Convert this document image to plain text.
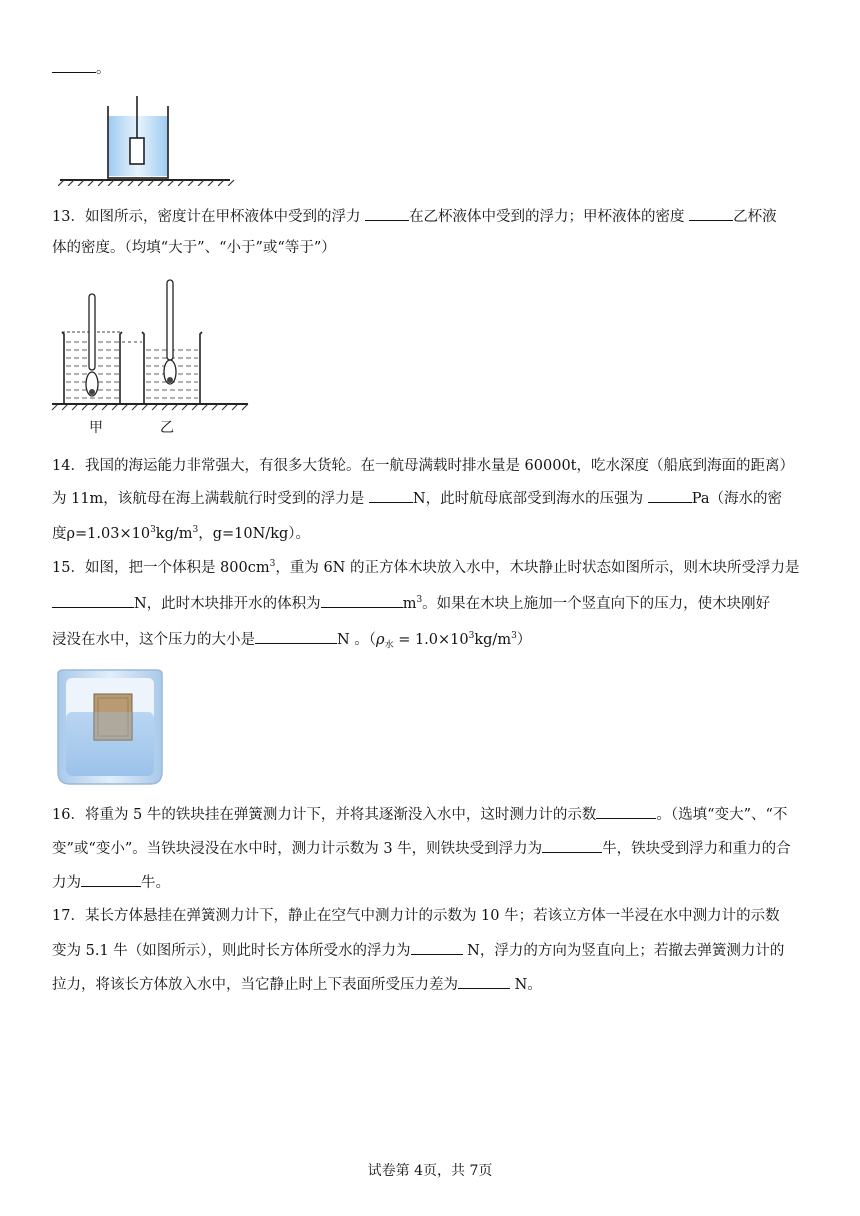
。
13．如图所示，密度计在甲杯液体中受到的浮力	在乙杯液体中受到的浮力；甲杯液体的密度	乙杯液
体的密度。（均填“大于”、“小于”或“等于”）
甲	乙
14．我国的海运能力非常强大，有很多大货轮。在一航母满载时排水量是 60000t，吃水深度（船底到海面的距离）
为 11m，该航母在海上满载航行时受到的浮力是	N，此时航母底部受到海水的压强为	Pa（海水的密
度$\rho=1.03\times 10^3kg/m^3$，g=10N/kg）。
15．如图，把一个体积是 $800cm^3$，重为 6N 的正方体木块放入水中，木块静止时状态如图所示，则木块所受浮力是
N，此时木块排开水的体积为	$m^3$。如果在木块上施加一个竖直向下的压力，使木块刚好
浸没在水中，这个压力的大小是	N 。$(\rho_水 = 1.0\times 10^3kg/m^3)$
16．将重为 5 牛的铁块挂在弹簧测力计下，并将其逐渐没入水中，这时测力计的示数	。（选填“变大”、“不
变”或“变小”。当铁块浸没在水中时，测力计示数为 3 牛，则铁块受到浮力为	牛，铁块受到浮力和重力的合
力为	牛。
17．某长方体悬挂在弹簧测力计下，静止在空气中测力计的示数为 10 牛；若该立方体一半浸在水中测力计的示数
变为 5.1 牛（如图所示），则此时长方体所受水的浮力为	N，浮力的方向为竖直向上；若撤去弹簧测力计的
拉力，将该长方体放入水中，当它静止时上下表面所受压力差为	N。
试卷第 4页，共 7页
